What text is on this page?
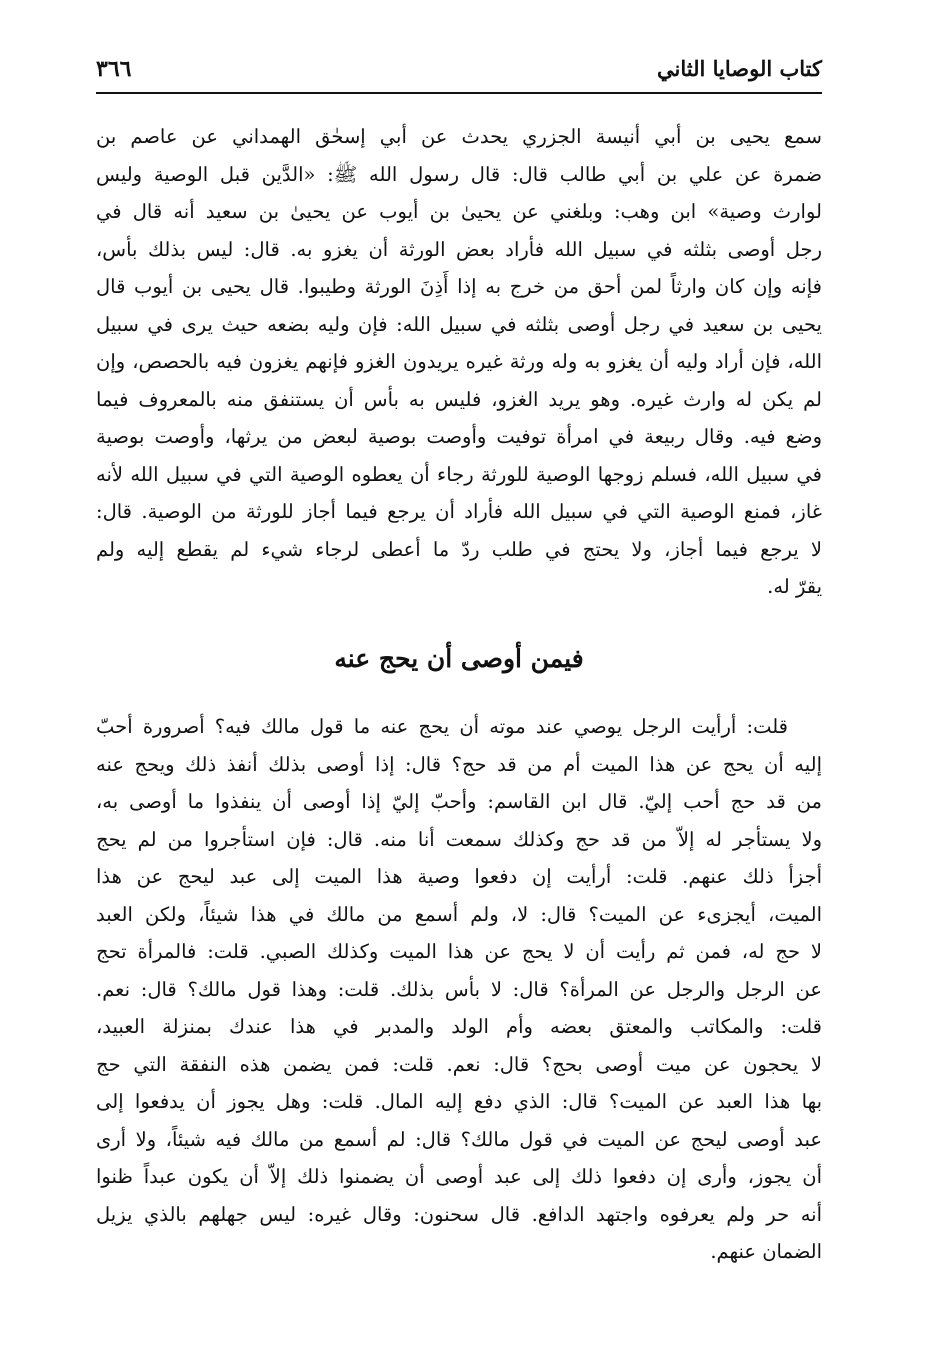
كتاب الوصايا الثاني
٣٦٦
سمع يحيى بن أبي أنيسة الجزري يحدث عن أبي إسحٰق الهمداني عن عاصم بن
ضمرة عن علي بن أبي طالب قال: قال رسول الله ﷺ: «الدَّين قبل الوصية وليس
لوارث وصية» ابن وهب: وبلغني عن يحيىٰ بن أيوب عن يحيىٰ بن سعيد أنه قال في
رجل أوصى بثلثه في سبيل الله فأراد بعض الورثة أن يغزو به. قال: ليس بذلك بأس،
فإنه وإن كان وارثاً لمن أحق من خرج به إذا أَذِنَ الورثة وطيبوا. قال يحيى بن أيوب قال
يحيى بن سعيد في رجل أوصى بثلثه في سبيل الله: فإن وليه بضعه حيث يرى في سبيل
الله، فإن أراد وليه أن يغزو به وله ورثة غيره يريدون الغزو فإنهم يغزون فيه بالحصص، وإن
لم يكن له وارث غيره. وهو يريد الغزو، فليس به بأس أن يستنفق منه بالمعروف فيما
وضع فيه. وقال ربيعة في امرأة توفيت وأوصت بوصية لبعض من يرثها، وأوصت بوصية
في سبيل الله، فسلم زوجها الوصية للورثة رجاء أن يعطوه الوصية التي في سبيل الله لأنه
غاز، فمنع الوصية التي في سبيل الله فأراد أن يرجع فيما أجاز للورثة من الوصية. قال:
لا يرجع فيما أجاز، ولا يحتج في طلب ردّ ما أعطى لرجاء شيء لم يقطع إليه ولم
يقرّ له.
فيمن أوصى أن يحج عنه
قلت: أرأيت الرجل يوصي عند موته أن يحج عنه ما قول مالك فيه؟ أصرورة أحبّ
إليه أن يحج عن هذا الميت أم من قد حج؟ قال: إذا أوصى بذلك أنفذ ذلك ويحج عنه
من قد حج أحب إليّ. قال ابن القاسم: وأحبّ إليّ إذا أوصى أن ينفذوا ما أوصى به،
ولا يستأجر له إلاّ من قد حج وكذلك سمعت أنا منه. قال: فإن استأجروا من لم يحج
أجزأ ذلك عنهم. قلت: أرأيت إن دفعوا وصية هذا الميت إلى عبد ليحج عن هذا
الميت، أيجزىء عن الميت؟ قال: لا، ولم أسمع من مالك في هذا شيئاً، ولكن العبد
لا حج له، فمن ثم رأيت أن لا يحج عن هذا الميت وكذلك الصبي. قلت: فالمرأة تحج
عن الرجل والرجل عن المرأة؟ قال: لا بأس بذلك. قلت: وهذا قول مالك؟ قال: نعم.
قلت: والمكاتب والمعتق بعضه وأم الولد والمدبر في هذا عندك بمنزلة العبيد،
لا يحجون عن ميت أوصى بحج؟ قال: نعم. قلت: فمن يضمن هذه النفقة التي حج
بها هذا العبد عن الميت؟ قال: الذي دفع إليه المال. قلت: وهل يجوز أن يدفعوا إلى
عبد أوصى ليحج عن الميت في قول مالك؟ قال: لم أسمع من مالك فيه شيئاً، ولا أرى
أن يجوز، وأرى إن دفعوا ذلك إلى عبد أوصى أن يضمنوا ذلك إلاّ أن يكون عبداً ظنوا
أنه حر ولم يعرفوه واجتهد الدافع. قال سحنون: وقال غيره: ليس جهلهم بالذي يزيل
الضمان عنهم.
